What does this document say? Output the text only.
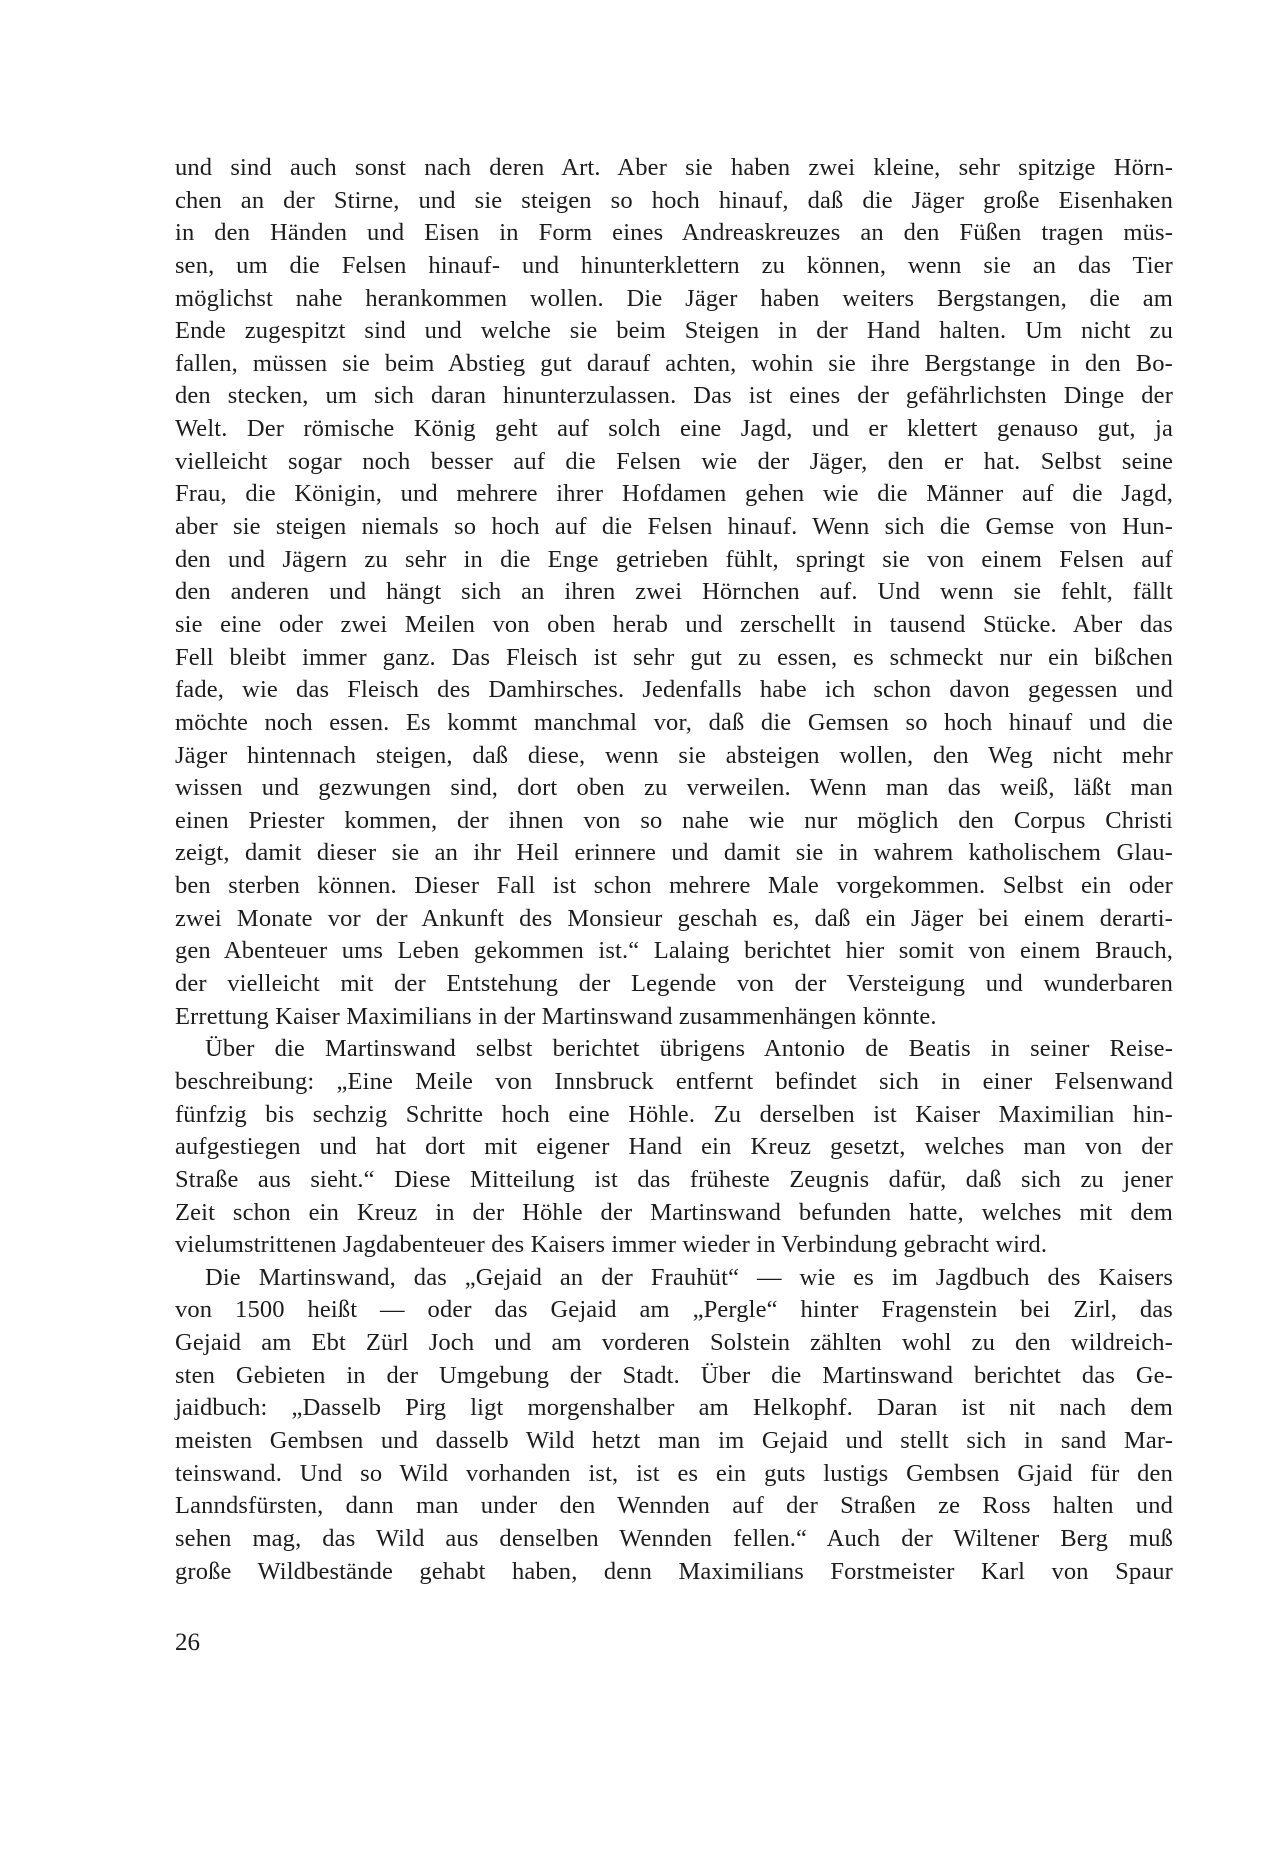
und sind auch sonst nach deren Art. Aber sie haben zwei kleine, sehr spitzige Hörn-
chen an der Stirne, und sie steigen so hoch hinauf, daß die Jäger große Eisenhaken
in den Händen und Eisen in Form eines Andreaskreuzes an den Füßen tragen müs-
sen, um die Felsen hinauf- und hinunterklettern zu können, wenn sie an das Tier
möglichst nahe herankommen wollen. Die Jäger haben weiters Bergstangen, die am
Ende zugespitzt sind und welche sie beim Steigen in der Hand halten. Um nicht zu
fallen, müssen sie beim Abstieg gut darauf achten, wohin sie ihre Bergstange in den Bo-
den stecken, um sich daran hinunterzulassen. Das ist eines der gefährlichsten Dinge der
Welt. Der römische König geht auf solch eine Jagd, und er klettert genauso gut, ja
vielleicht sogar noch besser auf die Felsen wie der Jäger, den er hat. Selbst seine
Frau, die Königin, und mehrere ihrer Hofdamen gehen wie die Männer auf die Jagd,
aber sie steigen niemals so hoch auf die Felsen hinauf. Wenn sich die Gemse von Hun-
den und Jägern zu sehr in die Enge getrieben fühlt, springt sie von einem Felsen auf
den anderen und hängt sich an ihren zwei Hörnchen auf. Und wenn sie fehlt, fällt
sie eine oder zwei Meilen von oben herab und zerschellt in tausend Stücke. Aber das
Fell bleibt immer ganz. Das Fleisch ist sehr gut zu essen, es schmeckt nur ein bißchen
fade, wie das Fleisch des Damhirsches. Jedenfalls habe ich schon davon gegessen und
möchte noch essen. Es kommt manchmal vor, daß die Gemsen so hoch hinauf und die
Jäger hintennach steigen, daß diese, wenn sie absteigen wollen, den Weg nicht mehr
wissen und gezwungen sind, dort oben zu verweilen. Wenn man das weiß, läßt man
einen Priester kommen, der ihnen von so nahe wie nur möglich den Corpus Christi
zeigt, damit dieser sie an ihr Heil erinnere und damit sie in wahrem katholischem Glau-
ben sterben können. Dieser Fall ist schon mehrere Male vorgekommen. Selbst ein oder
zwei Monate vor der Ankunft des Monsieur geschah es, daß ein Jäger bei einem derarti-
gen Abenteuer ums Leben gekommen ist.“ Lalaing berichtet hier somit von einem Brauch,
der vielleicht mit der Entstehung der Legende von der Versteigung und wunderbaren
Errettung Kaiser Maximilians in der Martinswand zusammenhängen könnte.
Über die Martinswand selbst berichtet übrigens Antonio de Beatis in seiner Reise-
beschreibung: „Eine Meile von Innsbruck entfernt befindet sich in einer Felsenwand
fünfzig bis sechzig Schritte hoch eine Höhle. Zu derselben ist Kaiser Maximilian hin-
aufgestiegen und hat dort mit eigener Hand ein Kreuz gesetzt, welches man von der
Straße aus sieht.“ Diese Mitteilung ist das früheste Zeugnis dafür, daß sich zu jener
Zeit schon ein Kreuz in der Höhle der Martinswand befunden hatte, welches mit dem
vielumstrittenen Jagdabenteuer des Kaisers immer wieder in Verbindung gebracht wird.
Die Martinswand, das „Gejaid an der Frauhüt“ — wie es im Jagdbuch des Kaisers
von 1500 heißt — oder das Gejaid am „Pergle“ hinter Fragenstein bei Zirl, das
Gejaid am Ebt Zürl Joch und am vorderen Solstein zählten wohl zu den wildreich-
sten Gebieten in der Umgebung der Stadt. Über die Martinswand berichtet das Ge-
jaidbuch: „Dasselb Pirg ligt morgenshalber am Helkophf. Daran ist nit nach dem
meisten Gembsen und dasselb Wild hetzt man im Gejaid und stellt sich in sand Mar-
teinswand. Und so Wild vorhanden ist, ist es ein guts lustigs Gembsen Gjaid für den
Lanndsfürsten, dann man under den Wennden auf der Straßen ze Ross halten und
sehen mag, das Wild aus denselben Wennden fellen.“ Auch der Wiltener Berg muß
große Wildbestände gehabt haben, denn Maximilians Forstmeister Karl von Spaur
26
